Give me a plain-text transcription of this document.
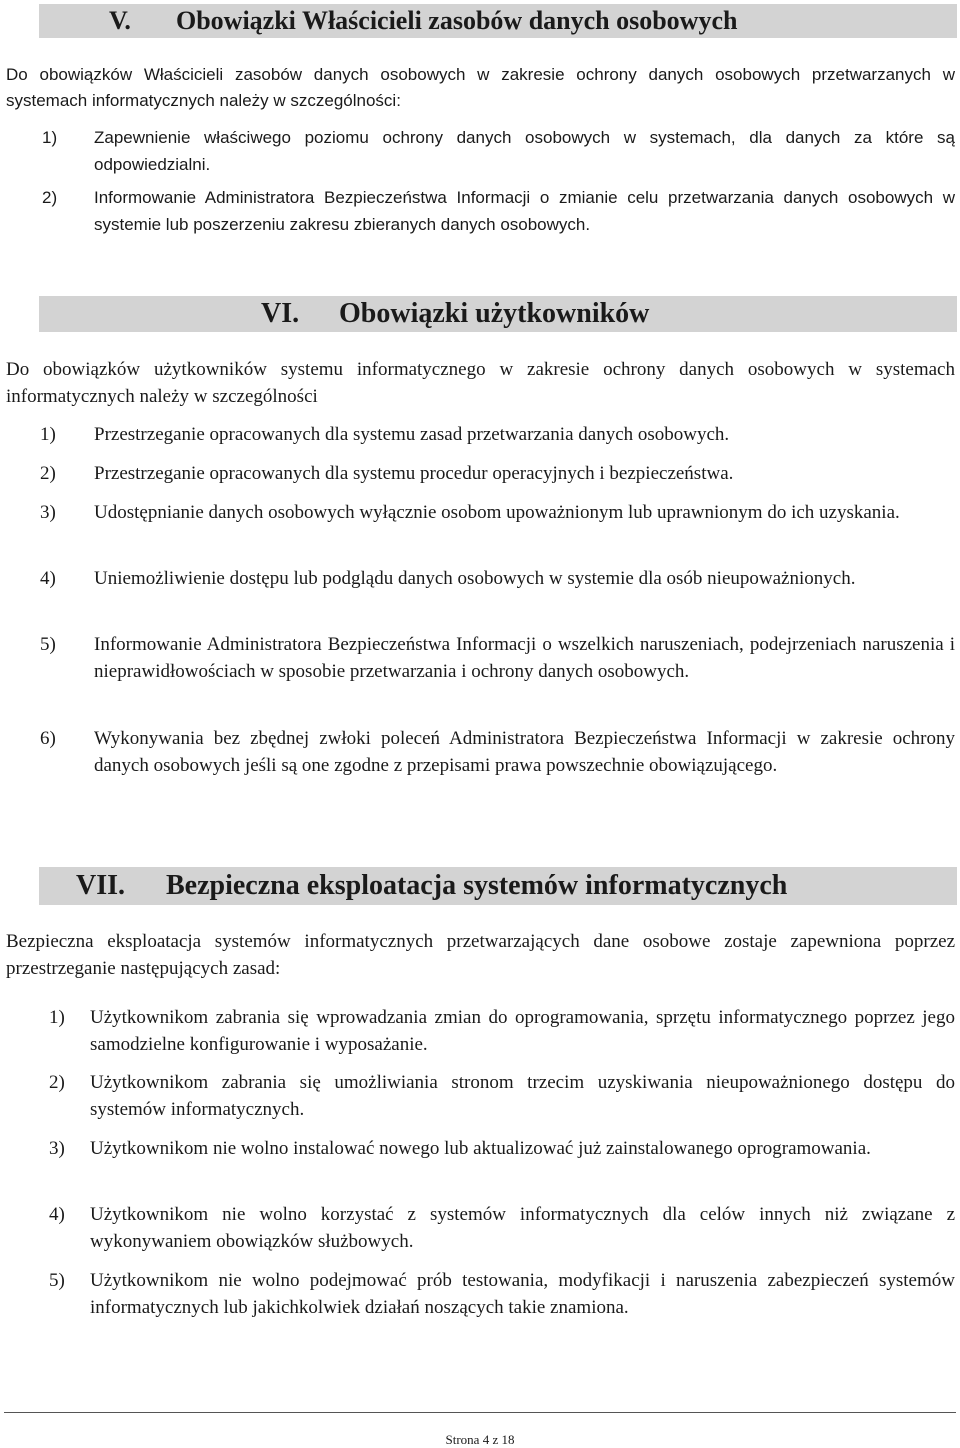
V. Obowiązki Właścicieli zasobów danych osobowych
Do obowiązków Właścicieli zasobów danych osobowych w zakresie ochrony danych osobowych przetwarzanych w systemach informatycznych należy w szczególności:
1) Zapewnienie właściwego poziomu ochrony danych osobowych w systemach, dla danych za które są odpowiedzialni.
2) Informowanie Administratora Bezpieczeństwa Informacji o zmianie celu przetwarzania danych osobowych w systemie lub poszerzeniu zakresu zbieranych danych osobowych.
VI. Obowiązki użytkowników
Do obowiązków użytkowników systemu informatycznego w zakresie ochrony danych osobowych w systemach informatycznych należy w szczególności
1) Przestrzeganie opracowanych dla systemu zasad przetwarzania danych osobowych.
2) Przestrzeganie opracowanych dla systemu procedur operacyjnych i bezpieczeństwa.
3) Udostępnianie danych osobowych wyłącznie osobom upoważnionym lub uprawnionym do ich uzyskania.
4) Uniemożliwienie dostępu lub podglądu danych osobowych w systemie dla osób nieupoważnionych.
5) Informowanie Administratora Bezpieczeństwa Informacji o wszelkich naruszeniach, podejrzeniach naruszenia i nieprawidłowościach w sposobie przetwarzania i ochrony danych osobowych.
6) Wykonywania bez zbędnej zwłoki poleceń Administratora Bezpieczeństwa Informacji w zakresie ochrony danych osobowych jeśli są one zgodne z przepisami prawa powszechnie obowiązującego.
VII. Bezpieczna eksploatacja systemów informatycznych
Bezpieczna eksploatacja systemów informatycznych przetwarzających dane osobowe zostaje zapewniona poprzez przestrzeganie następujących zasad:
1) Użytkownikom zabrania się wprowadzania zmian do oprogramowania, sprzętu informatycznego poprzez jego samodzielne konfigurowanie i wyposażanie.
2) Użytkownikom zabrania się umożliwiania stronom trzecim uzyskiwania nieupoważnionego dostępu do systemów informatycznych.
3) Użytkownikom nie wolno instalować nowego lub aktualizować już zainstalowanego oprogramowania.
4) Użytkownikom nie wolno korzystać z systemów informatycznych dla celów innych niż związane z wykonywaniem obowiązków służbowych.
5) Użytkownikom nie wolno podejmować prób testowania, modyfikacji i naruszenia zabezpieczeń systemów informatycznych lub jakichkolwiek działań noszących takie znamiona.
Strona 4 z 18
